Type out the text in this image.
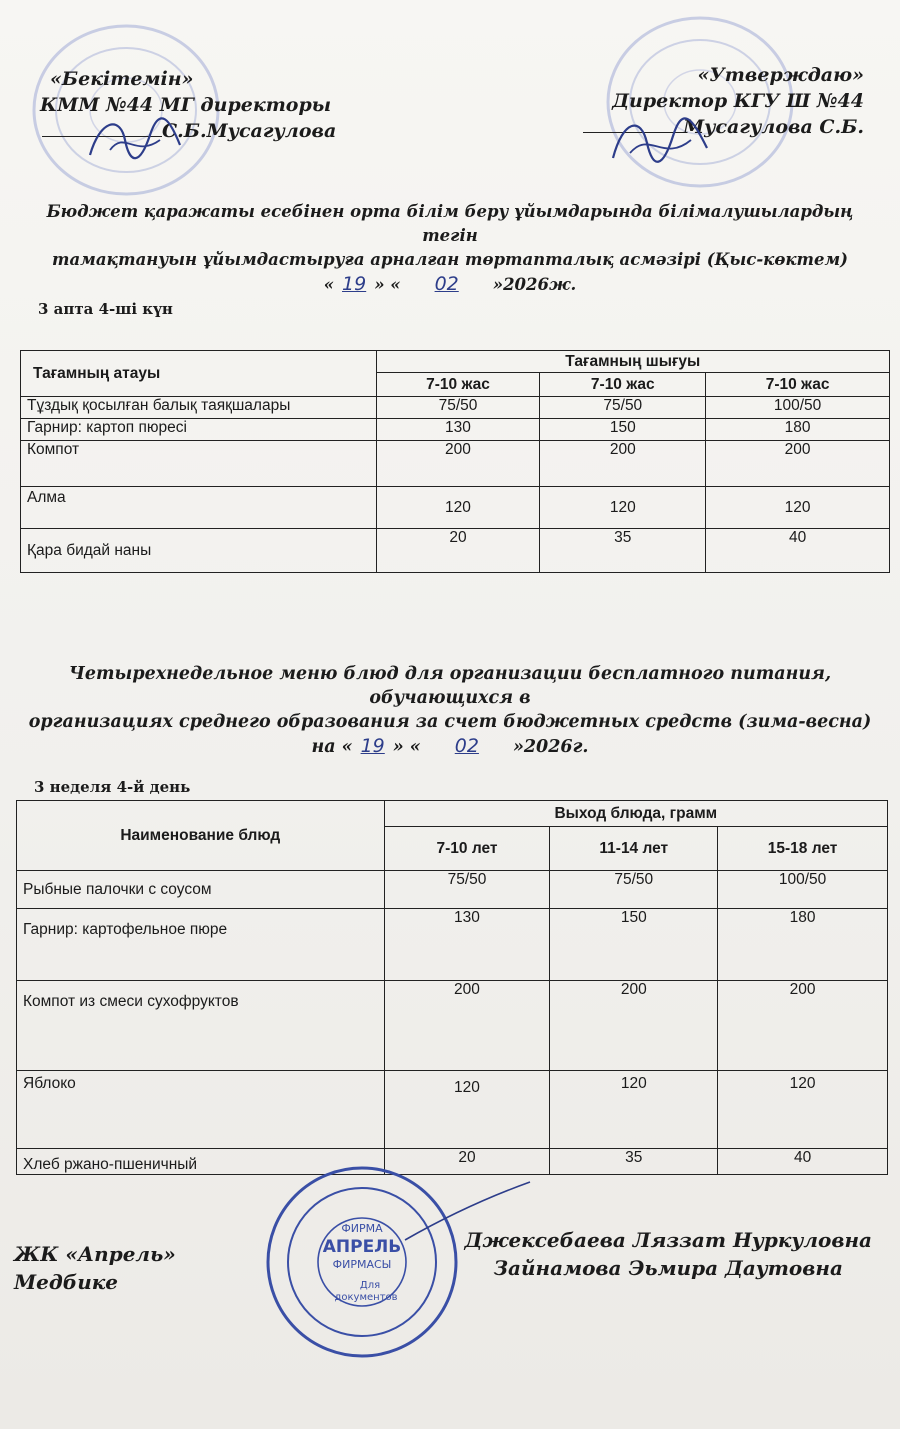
«Бекітемін»
КММ №44 МГ директоры
С.Б.Мусагулова
«Утверждаю»
Директор КГУ Ш №44
Мусагулова С.Б.
Бюджет қаражаты есебінен орта білім беру ұйымдарында білімалушылардың тегін
тамақтануын ұйымдастыруға арналған төртапталық асмәзірі (Қыс-көктем)
« 19 » « 02 »2026ж.
3 апта 4-ші күн
Тағамның атауы	Тағамның шығуы		
	7-10 жас	7-10 жас	7-10 жас
Тұздық қосылған балық таяқшалары	75/50	75/50	100/50
Гарнир: картоп пюресі	130	150	180
Компот	200	200	200
Алма	120	120	120
Қара бидай наны	20	35	40
Четырехнедельное меню блюд для организации бесплатного питания, обучающихся в
организациях среднего образования за счет бюджетных средств (зима-весна)
на « 19 » « 02 »2026г.
3 неделя 4-й день
Наименование блюд	Выход блюда, грамм		
	7-10 лет	11-14 лет	15-18 лет
Рыбные палочки с соусом	75/50	75/50	100/50
Гарнир: картофельное пюре	130	150	180
Компот из смеси сухофруктов	200	200	200
Яблоко	120	120	120
Хлеб ржано-пшеничный	20	35	40
ФИРМА
АПРЕЛЬ
ФИРМАСЫ
Для
документов
ЖК «Апрель»
Медбике
Джексебаева Ляззат Нуркуловна
Зайнамова Эьмира Даутовна
